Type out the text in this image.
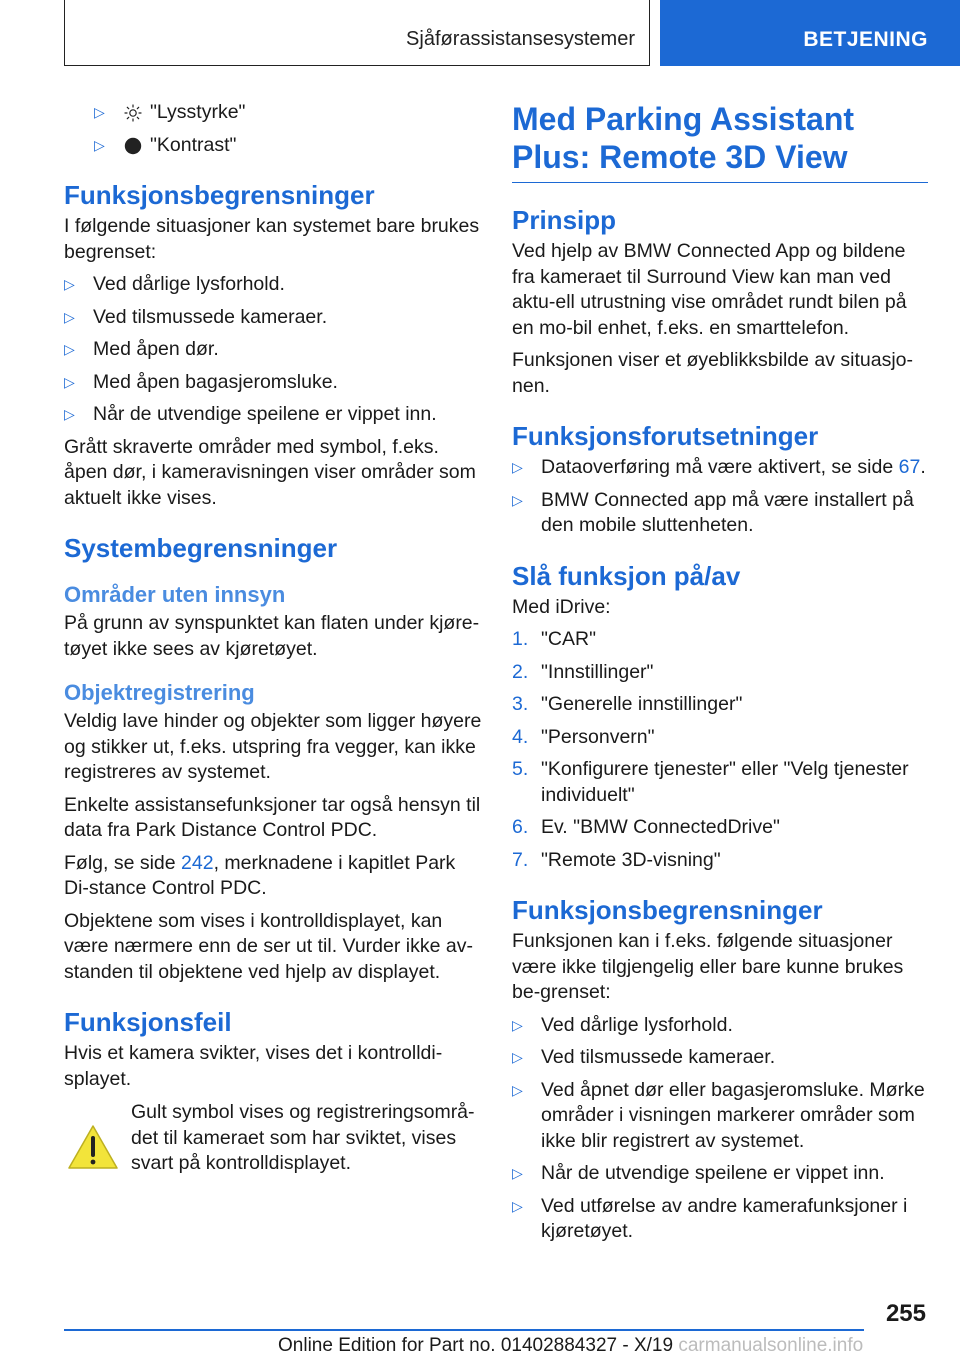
Sjåførassistansesystemer	BETJENING
▷ "Lysstyrke"
▷ "Kontrast"
Funksjonsbegrensninger
I følgende situasjoner kan systemet bare brukes begrenset:
▷ Ved dårlige lysforhold.
▷ Ved tilsmussede kameraer.
▷ Med åpen dør.
▷ Med åpen bagasjeromsluke.
▷ Når de utvendige speilene er vippet inn.
Grått skraverte områder med symbol, f.eks. åpen dør, i kameravisningen viser områder som aktuelt ikke vises.
Systembegrensninger
Områder uten innsyn
På grunn av synspunktet kan flaten under kjøre-tøyet ikke sees av kjøretøyet.
Objektregistrering
Veldig lave hinder og objekter som ligger høyere og stikker ut, f.eks. utspring fra vegger, kan ikke registreres av systemet.
Enkelte assistansefunksjoner tar også hensyn til data fra Park Distance Control PDC.
Følg, se side 242, merknadene i kapitlet Park Di-stance Control PDC.
Objektene som vises i kontrolldisplayet, kan være nærmere enn de ser ut til. Vurder ikke av-standen til objektene ved hjelp av displayet.
Funksjonsfeil
Hvis et kamera svikter, vises det i kontrolldi-splayet.
Gult symbol vises og registreringsområ-det til kameraet som har sviktet, vises svart på kontrolldisplayet.
Med Parking Assistant Plus: Remote 3D View
Prinsipp
Ved hjelp av BMW Connected App og bildene fra kameraet til Surround View kan man ved aktu-ell utrustning vise området rundt bilen på en mo-bil enhet, f.eks. en smarttelefon.
Funksjonen viser et øyeblikksbilde av situasjo-nen.
Funksjonsforutsetninger
▷ Dataoverføring må være aktivert, se side 67.
▷ BMW Connected app må være installert på den mobile sluttenheten.
Slå funksjon på/av
Med iDrive:
1. "CAR"
2. "Innstillinger"
3. "Generelle innstillinger"
4. "Personvern"
5. "Konfigurere tjenester" eller "Velg tjenester individuelt"
6. Ev. "BMW ConnectedDrive"
7. "Remote 3D-visning"
Funksjonsbegrensninger
Funksjonen kan i f.eks. følgende situasjoner være ikke tilgjengelig eller bare kunne brukes be-grenset:
▷ Ved dårlige lysforhold.
▷ Ved tilsmussede kameraer.
▷ Ved åpnet dør eller bagasjeromsluke. Mørke områder i visningen markerer områder som ikke blir registrert av systemet.
▷ Når de utvendige speilene er vippet inn.
▷ Ved utførelse av andre kamerafunksjoner i kjøretøyet.
255
Online Edition for Part no. 01402884327 - X/19 carmanualsonline.info
